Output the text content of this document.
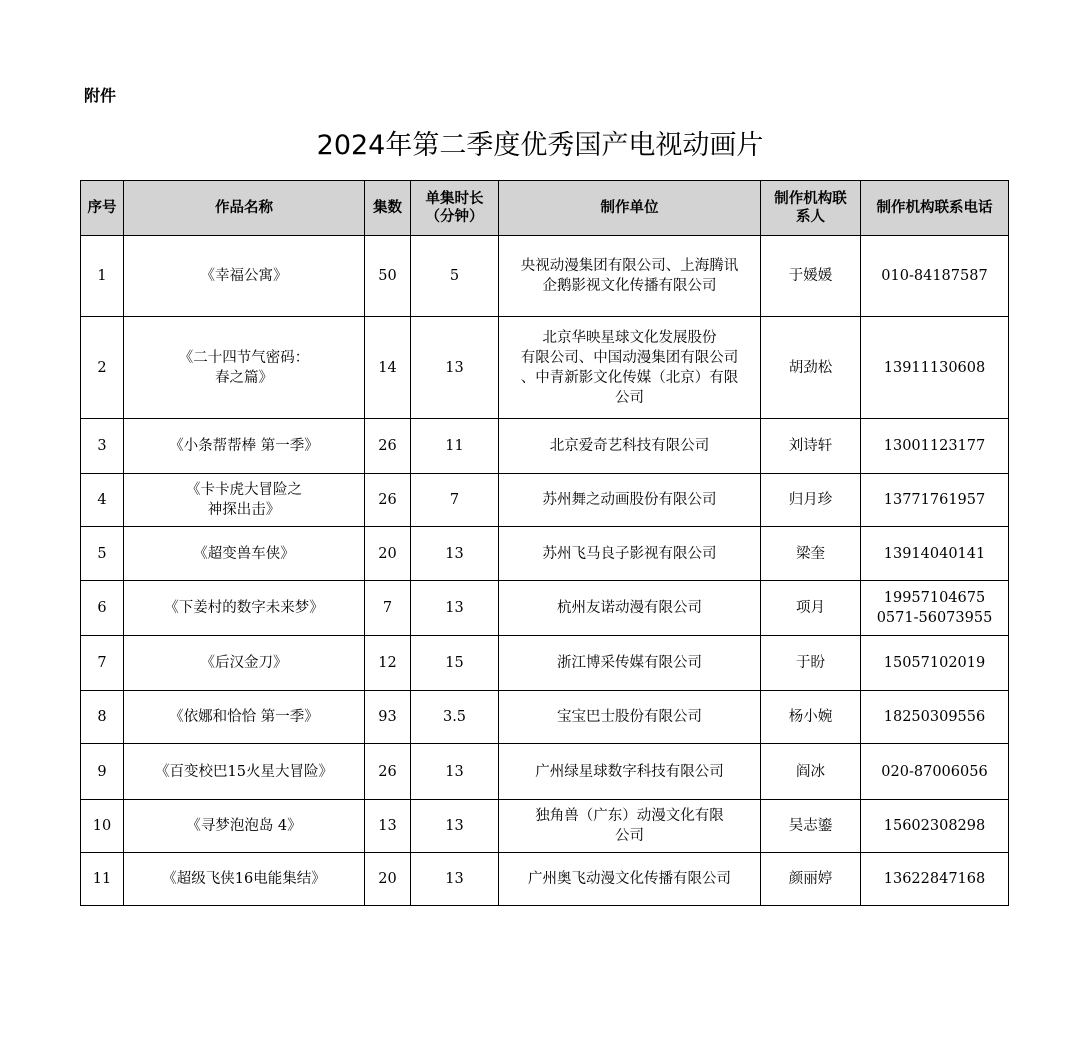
附件
2024年第二季度优秀国产电视动画片
序号	作品名称	集数	单集时长
（分钟）	制作单位	制作机构联
系人	制作机构联系电话
1	《幸福公寓》	50	5	央视动漫集团有限公司、上海腾讯
企鹅影视文化传播有限公司	于媛媛	010-84187587
2	《二十四节气密码：
春之篇》	14	13	北京华映星球文化发展股份
有限公司、中国动漫集团有限公司
、中青新影文化传媒（北京）有限
公司	胡劲松	13911130608
3	《小条帮帮棒 第一季》	26	11	北京爱奇艺科技有限公司	刘诗轩	13001123177
4	《卡卡虎大冒险之
神探出击》	26	7	苏州舞之动画股份有限公司	归月珍	13771761957
5	《超变兽车侠》	20	13	苏州飞马良子影视有限公司	梁奎	13914040141
6	《下姜村的数字未来梦》	7	13	杭州友诺动漫有限公司	项月	19957104675
0571-56073955
7	《后汉金刀》	12	15	浙江博采传媒有限公司	于盼	15057102019
8	《依娜和恰恰 第一季》	93	3.5	宝宝巴士股份有限公司	杨小婉	18250309556
9	《百变校巴15火星大冒险》	26	13	广州绿星球数字科技有限公司	阎冰	020-87006056
10	《寻梦泡泡岛 4》	13	13	独角兽（广东）动漫文化有限
公司	吴志鎏	15602308298
11	《超级飞侠16电能集结》	20	13	广州奥飞动漫文化传播有限公司	颜丽婷	13622847168
